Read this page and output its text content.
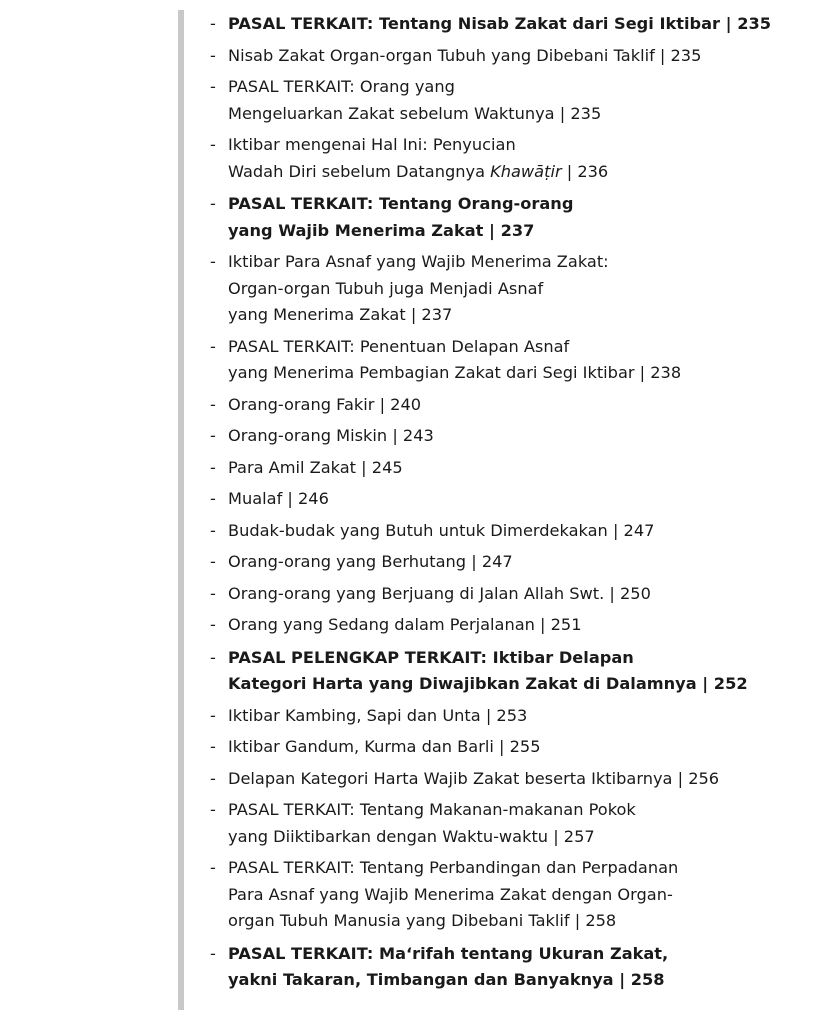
- PASAL TERKAIT: Tentang Nisab Zakat dari Segi Iktibar | 235
- Nisab Zakat Organ-organ Tubuh yang Dibebani Taklif | 235
- PASAL TERKAIT: Orang yang
Mengeluarkan Zakat sebelum Waktunya | 235
- Iktibar mengenai Hal Ini: Penyucian
Wadah Diri sebelum Datangnya Khawāṭir | 236
- PASAL TERKAIT: Tentang Orang-orang
yang Wajib Menerima Zakat | 237
- Iktibar Para Asnaf yang Wajib Menerima Zakat:
Organ-organ Tubuh juga Menjadi Asnaf
yang Menerima Zakat | 237
- PASAL TERKAIT: Penentuan Delapan Asnaf
yang Menerima Pembagian Zakat dari Segi Iktibar | 238
- Orang-orang Fakir | 240
- Orang-orang Miskin | 243
- Para Amil Zakat | 245
- Mualaf | 246
- Budak-budak yang Butuh untuk Dimerdekakan | 247
- Orang-orang yang Berhutang | 247
- Orang-orang yang Berjuang di Jalan Allah Swt. | 250
- Orang yang Sedang dalam Perjalanan | 251
- PASAL PELENGKAP TERKAIT: Iktibar Delapan
Kategori Harta yang Diwajibkan Zakat di Dalamnya | 252
- Iktibar Kambing, Sapi dan Unta | 253
- Iktibar Gandum, Kurma dan Barli | 255
- Delapan Kategori Harta Wajib Zakat beserta Iktibarnya | 256
- PASAL TERKAIT: Tentang Makanan-makanan Pokok
yang Diiktibarkan dengan Waktu-waktu | 257
- PASAL TERKAIT: Tentang Perbandingan dan Perpadanan
Para Asnaf yang Wajib Menerima Zakat dengan Organ-
organ Tubuh Manusia yang Dibebani Taklif | 258
- PASAL TERKAIT: Ma‘rifah tentang Ukuran Zakat,
yakni Takaran, Timbangan dan Banyaknya | 258
